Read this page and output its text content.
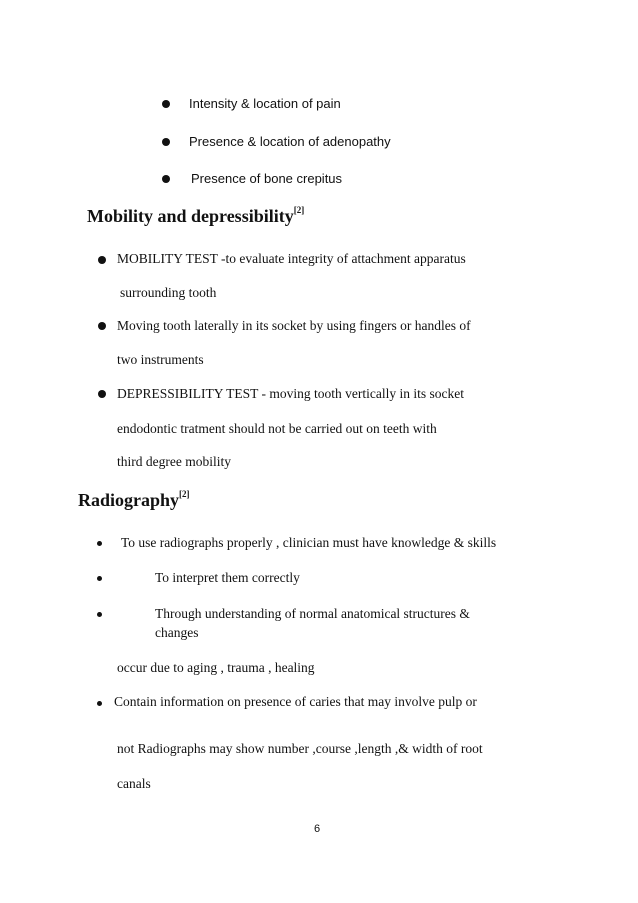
Intensity & location of pain
Presence & location of adenopathy
Presence of bone crepitus
Mobility and depressibility[2]
MOBILITY TEST -to evaluate integrity of attachment apparatus
surrounding tooth
Moving tooth laterally in its socket by using fingers or handles of
two instruments
DEPRESSIBILITY TEST - moving tooth vertically in its socket
endodontic tratment should not be carried out on teeth with
third degree mobility
Radiography[2]
To use radiographs properly , clinician must have knowledge & skills
To interpret them correctly
Through understanding of normal anatomical structures &
changes
occur due to aging , trauma , healing
Contain information on presence of caries that may involve pulp or
not Radiographs may show number ,course ,length ,& width of root
canals
6
